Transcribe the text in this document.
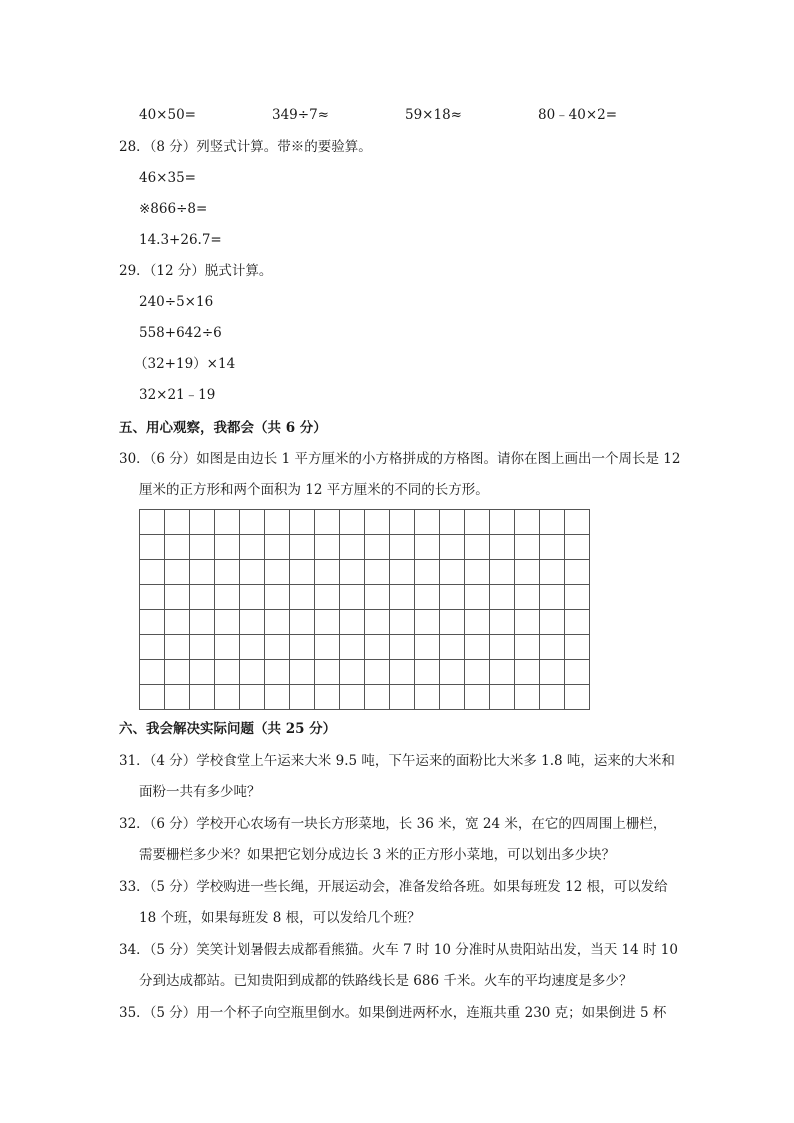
40×50=	349÷7≈	59×18≈	80﹣40×2=
28．（8 分）列竖式计算。带※的要验算。
46×35=
※866÷8=
14.3+26.7=
29．（12 分）脱式计算。
240÷5×16
558+642÷6
（32+19）×14
32×21﹣19
五、用心观察，我都会（共 6 分）
30．（6 分）如图是由边长 1 平方厘米的小方格拼成的方格图。请你在图上画出一个周长是 12
厘米的正方形和两个面积为 12 平方厘米的不同的长方形。
六、我会解决实际问题（共 25 分）
31．（4 分）学校食堂上午运来大米 9.5 吨，下午运来的面粉比大米多 1.8 吨，运来的大米和
面粉一共有多少吨？
32．（6 分）学校开心农场有一块长方形菜地，长 36 米，宽 24 米，在它的四周围上栅栏，
需要栅栏多少米？如果把它划分成边长 3 米的正方形小菜地，可以划出多少块？
33．（5 分）学校购进一些长绳，开展运动会，准备发给各班。如果每班发 12 根，可以发给
18 个班，如果每班发 8 根，可以发给几个班？
34．（5 分）笑笑计划暑假去成都看熊猫。火车 7 时 10 分准时从贵阳站出发，当天 14 时 10
分到达成都站。已知贵阳到成都的铁路线长是 686 千米。火车的平均速度是多少？
35．（5 分）用一个杯子向空瓶里倒水。如果倒进两杯水，连瓶共重 230 克；如果倒进 5 杯
